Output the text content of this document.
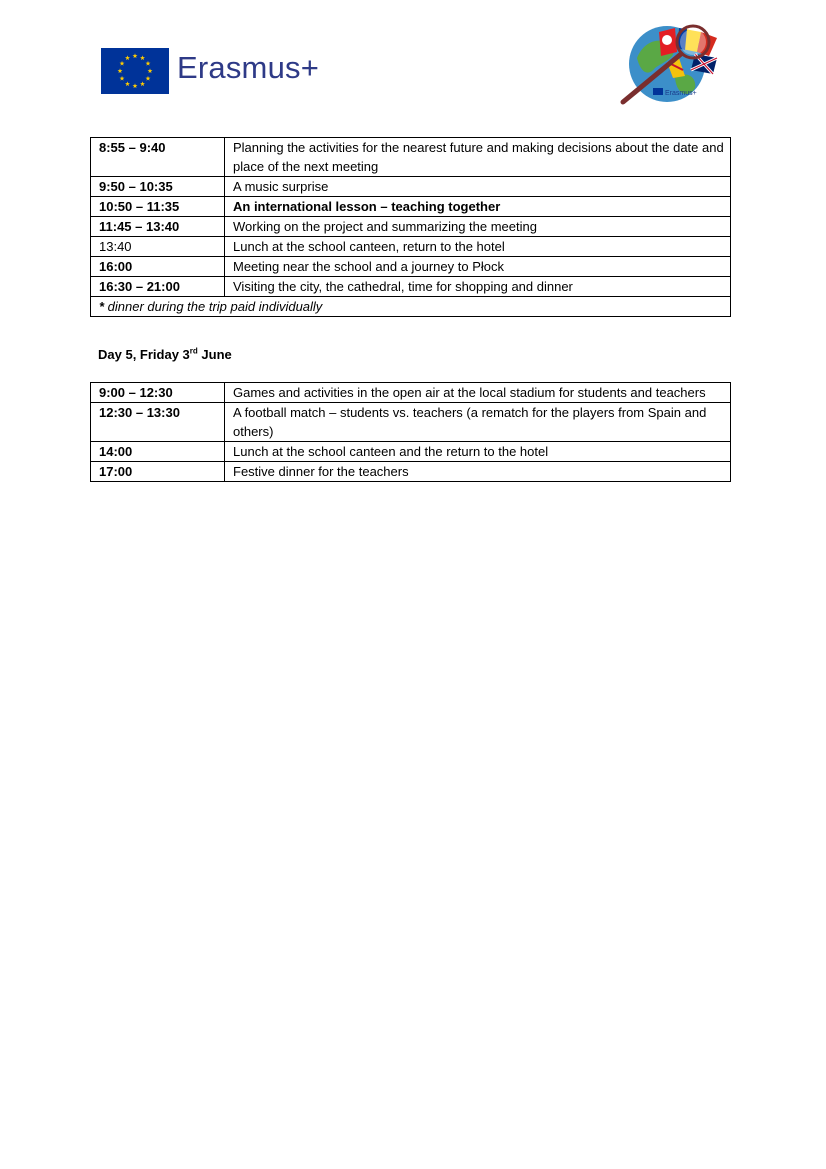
Erasmus+
Erasmus+
8:55 – 9:40	Planning the activities for the nearest future and making decisions about the date and place of the next meeting
9:50 – 10:35	A music surprise
10:50 – 11:35	An international lesson – teaching together
11:45 – 13:40	Working on the project and summarizing the meeting
13:40	Lunch at the school canteen, return to the hotel
16:00	Meeting near the school and a journey to Płock
16:30 – 21:00	Visiting the city, the cathedral, time for shopping and dinner
* dinner during the trip paid individually	
Day 5, Friday 3rd June
9:00 – 12:30	Games and activities in the open air at the local stadium for students and teachers
12:30 – 13:30	A football match – students vs. teachers (a rematch for the players from Spain and others)
14:00	Lunch at the school canteen and the return to the hotel
17:00	Festive dinner for the teachers
